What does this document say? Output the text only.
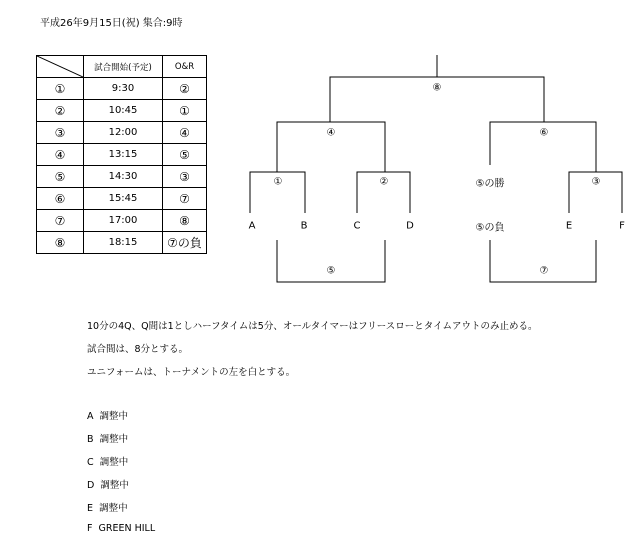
平成26年9月15日(祝) 集合:9時
	試合開始(予定)	O&R
①	9:30	②
②	10:45	①
③	12:00	④
④	13:15	⑤
⑤	14:30	③
⑥	15:45	⑦
⑦	17:00	⑧
⑧	18:15	⑦の負
⑧
④	⑥
①	②	⑤の勝	③
A	B	C	D	⑤の負	E	F
⑤	⑦
10分の4Q、Q間は1としハーフタイムは5分、オールタイマーはフリースローとタイムアウトのみ止める。
試合間は、8分とする。
ユニフォームは、トーナメントの左を白とする。
A 調整中
B 調整中
C 調整中
D 調整中
E 調整中
F GREEN HILL
